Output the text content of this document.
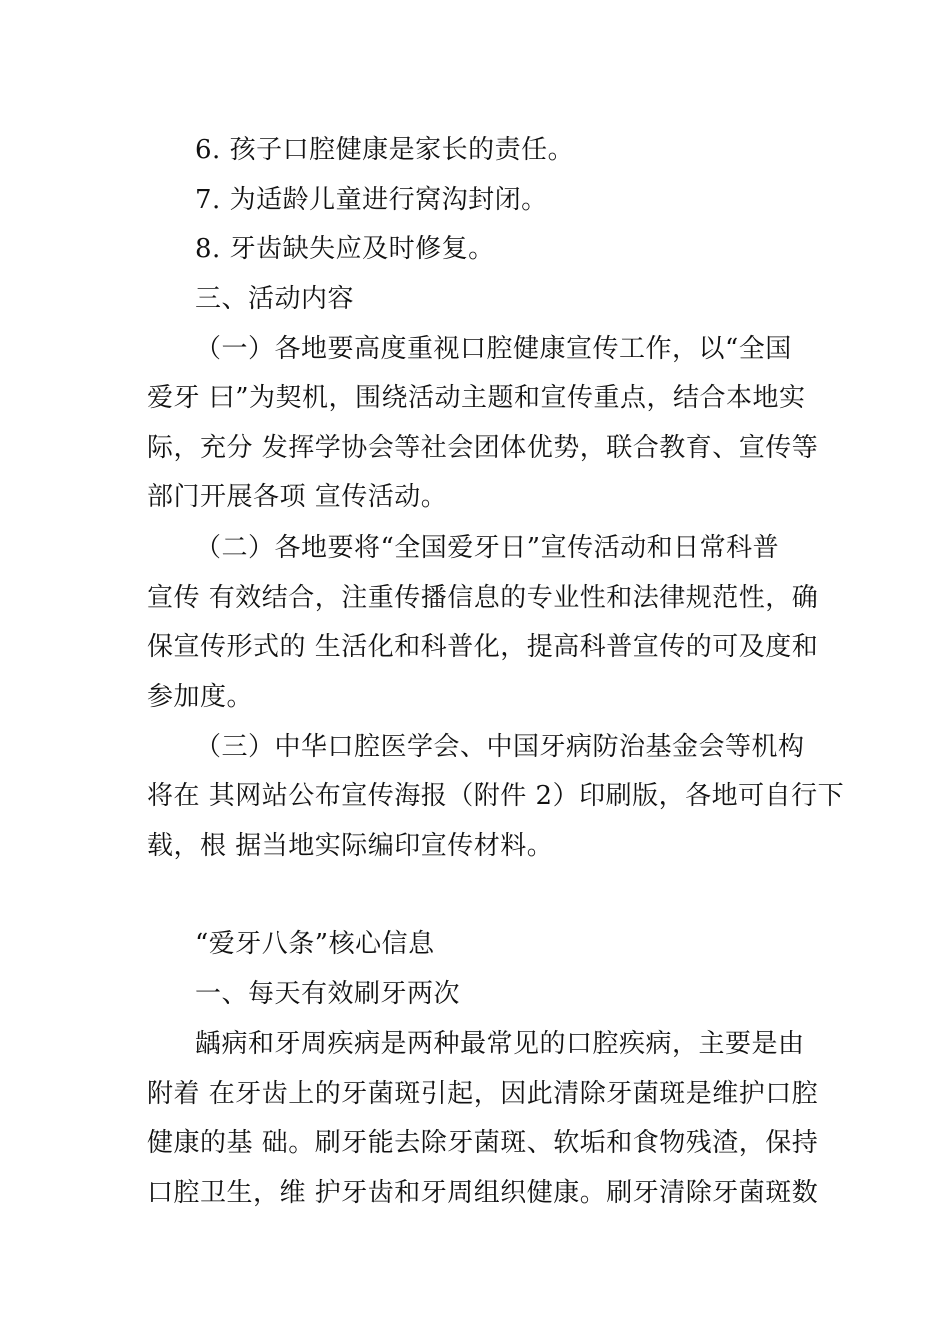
6. 孩子口腔健康是家长的责任。
7. 为适龄儿童进行窝沟封闭。
8. 牙齿缺失应及时修复。
三、活动内容
（一）各地要高度重视口腔健康宣传工作，以“全国
爱牙 曰”为契机，围绕活动主题和宣传重点，结合本地实
际，充分 发挥学协会等社会团体优势，联合教育、宣传等
部门开展各项 宣传活动。
（二）各地要将“全国爱牙日”宣传活动和日常科普
宣传 有效结合，注重传播信息的专业性和法律规范性，确
保宣传形式的 生活化和科普化，提高科普宣传的可及度和
参加度。
（三）中华口腔医学会、中国牙病防治基金会等机构
将在 其网站公布宣传海报（附件 2）印刷版，各地可自行下
载，根 据当地实际编印宣传材料。
“爱牙八条”核心信息
一、每天有效刷牙两次
龋病和牙周疾病是两种最常见的口腔疾病，主要是由
附着 在牙齿上的牙菌斑引起，因此清除牙菌斑是维护口腔
健康的基 础。刷牙能去除牙菌斑、软垢和食物残渣，保持
口腔卫生，维 护牙齿和牙周组织健康。刷牙清除牙菌斑数
